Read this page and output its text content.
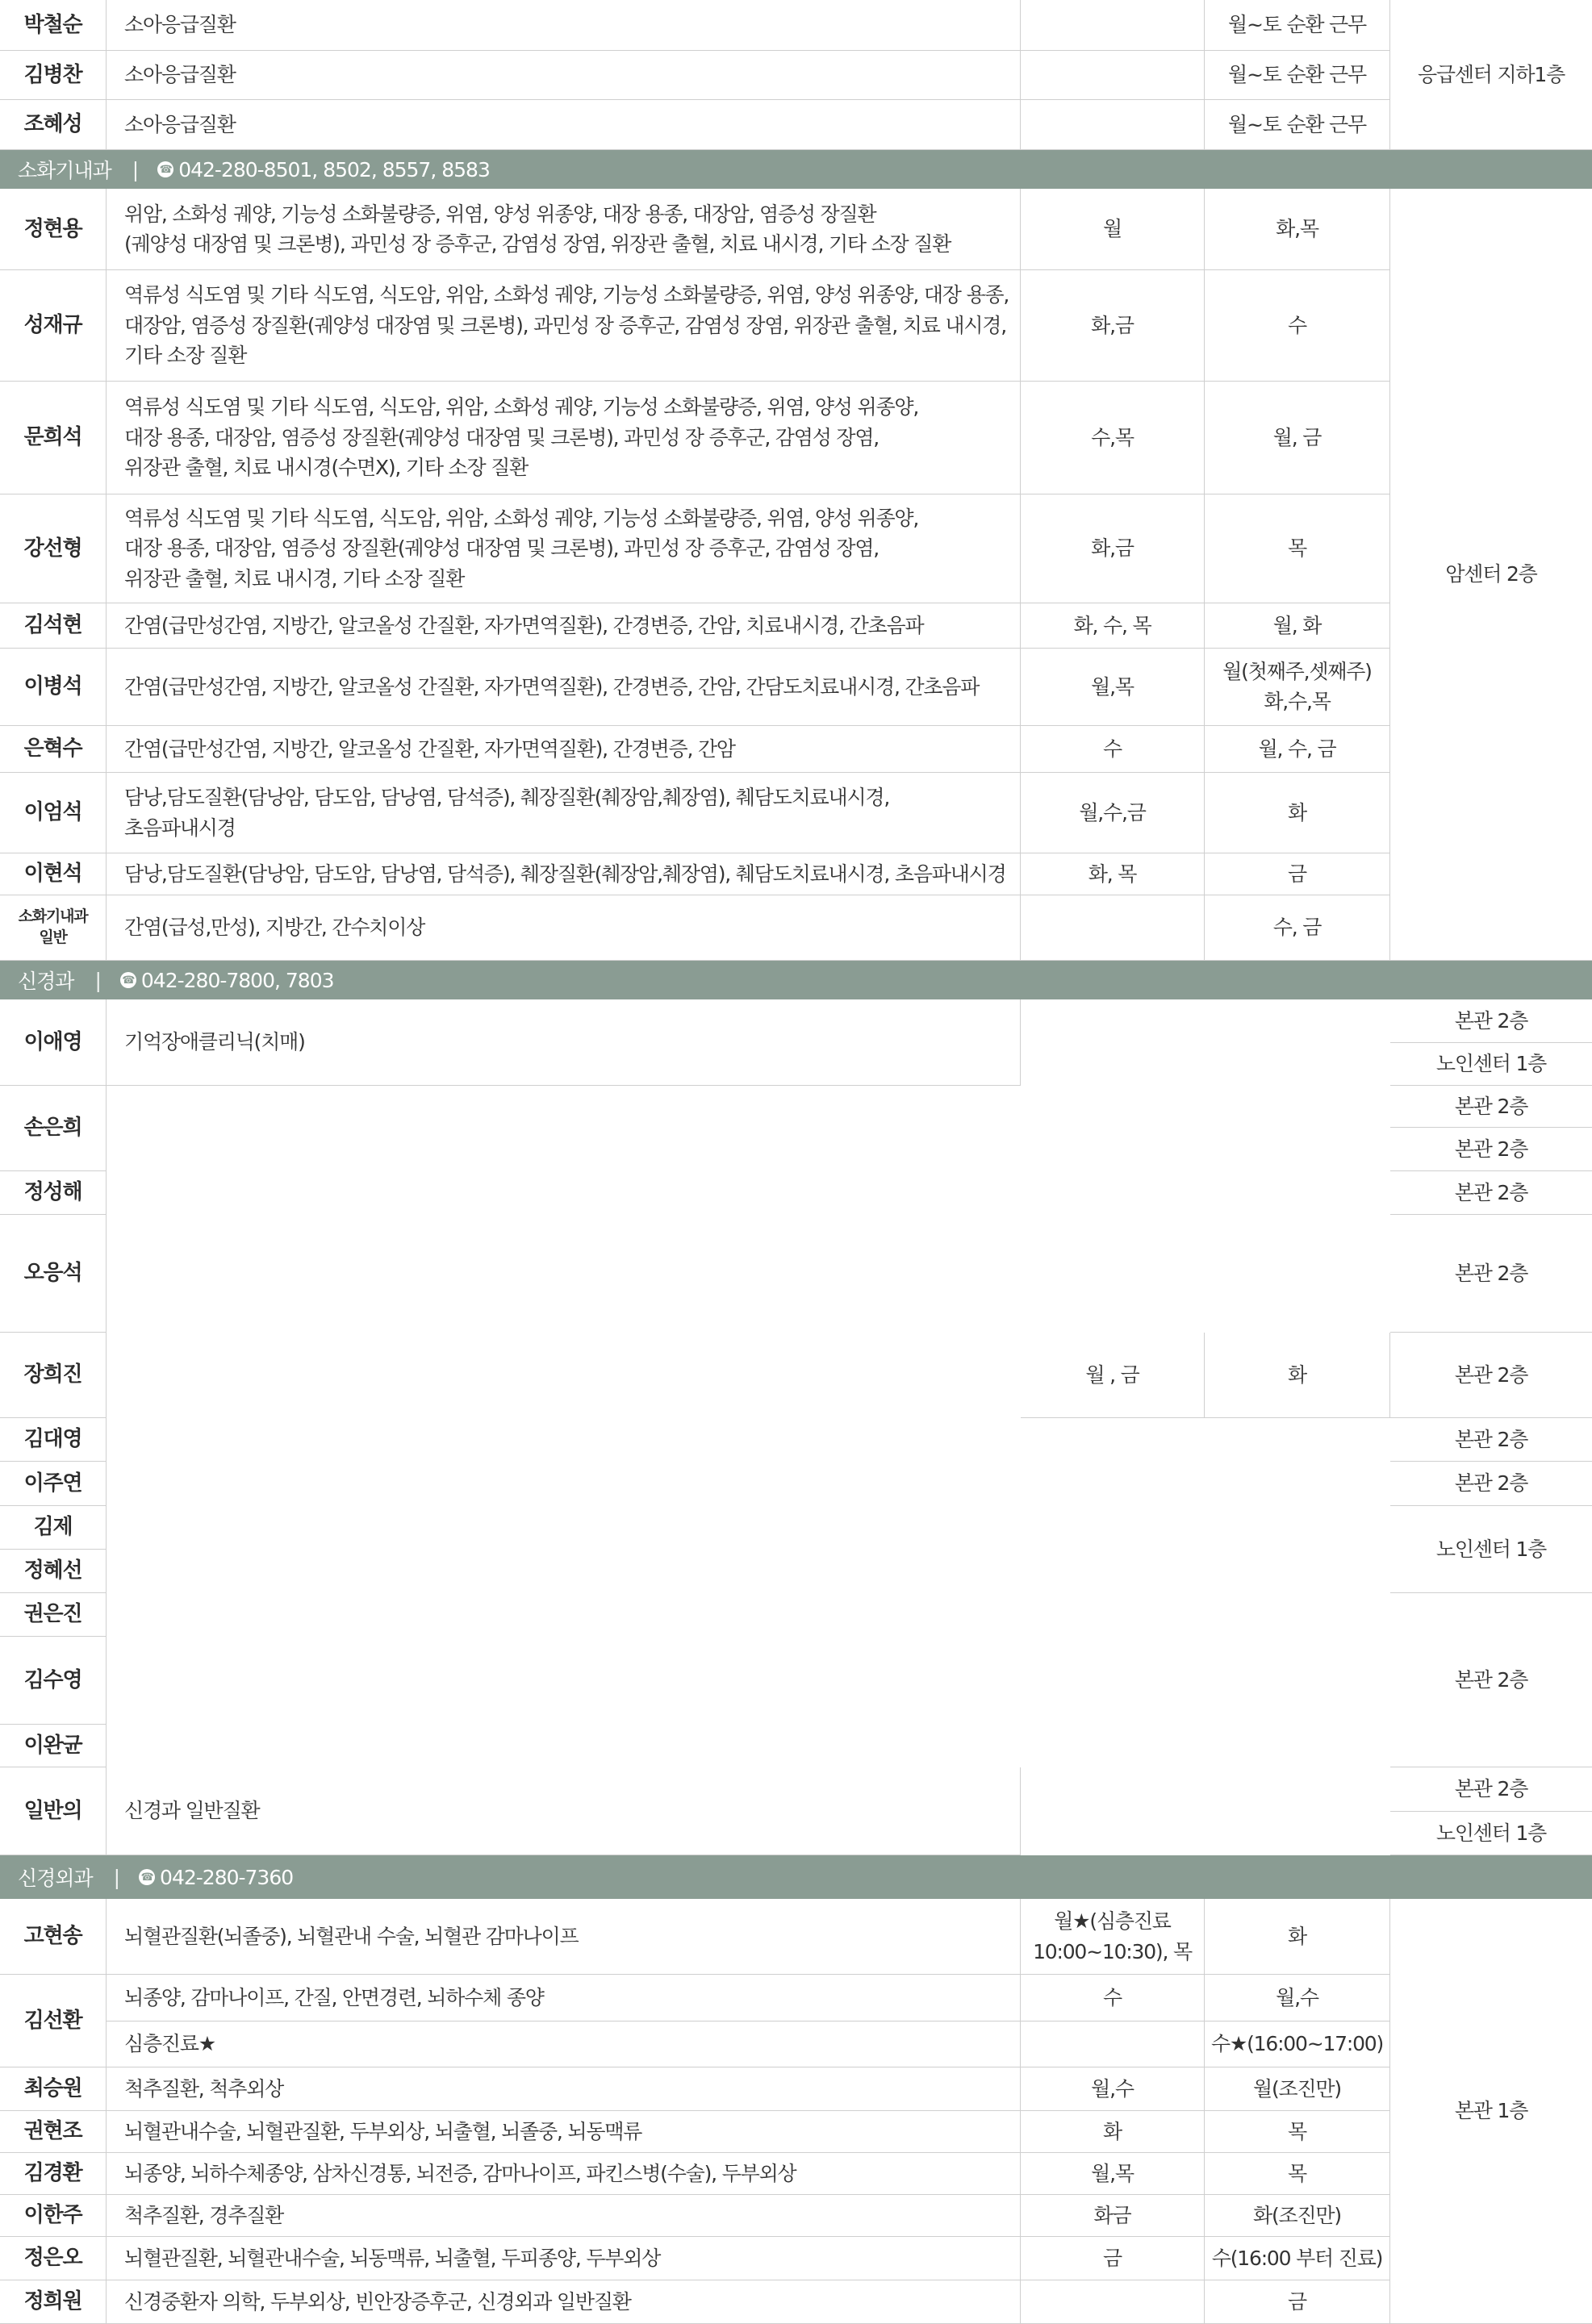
박철순
김병찬
조혜성
소아응급질환
소아응급질환
소아응급질환
월~토 순환 근무
월~토 순환 근무
월~토 순환 근무
응급센터 지하1층
소화기내과 | ☎ 042-280-8501, 8502, 8557, 8583
정현용
성재규
문희석
강선형
김석현
이병석
은혁수
이엄석
이현석
소화기내과
일반
위암, 소화성 궤양, 기능성 소화불량증, 위염, 양성 위종양, 대장 용종, 대장암, 염증성 장질환
(궤양성 대장염 및 크론병), 과민성 장 증후군, 감염성 장염, 위장관 출혈, 치료 내시경, 기타 소장 질환
역류성 식도염 및 기타 식도염, 식도암, 위암, 소화성 궤양, 기능성 소화불량증, 위염, 양성 위종양, 대장 용종,
대장암, 염증성 장질환(궤양성 대장염 및 크론병), 과민성 장 증후군, 감염성 장염, 위장관 출혈, 치료 내시경,
기타 소장 질환
역류성 식도염 및 기타 식도염, 식도암, 위암, 소화성 궤양, 기능성 소화불량증, 위염, 양성 위종양,
대장 용종, 대장암, 염증성 장질환(궤양성 대장염 및 크론병), 과민성 장 증후군, 감염성 장염,
위장관 출혈, 치료 내시경(수면X), 기타 소장 질환
역류성 식도염 및 기타 식도염, 식도암, 위암, 소화성 궤양, 기능성 소화불량증, 위염, 양성 위종양,
대장 용종, 대장암, 염증성 장질환(궤양성 대장염 및 크론병), 과민성 장 증후군, 감염성 장염,
위장관 출혈, 치료 내시경, 기타 소장 질환
간염(급만성간염, 지방간, 알코올성 간질환, 자가면역질환), 간경변증, 간암, 치료내시경, 간초음파
간염(급만성간염, 지방간, 알코올성 간질환, 자가면역질환), 간경변증, 간암, 간담도치료내시경, 간초음파
간염(급만성간염, 지방간, 알코올성 간질환, 자가면역질환), 간경변증, 간암
담낭,담도질환(담낭암, 담도암, 담낭염, 담석증), 췌장질환(췌장암,췌장염), 췌담도치료내시경,
초음파내시경
담낭,담도질환(담낭암, 담도암, 담낭염, 담석증), 췌장질환(췌장암,췌장염), 췌담도치료내시경, 초음파내시경
간염(급성,만성), 지방간, 간수치이상
월
화,금
수,목
화,금
화, 수, 목
월,목
수
월,수,금
화, 목
화,목
수
월, 금
목
월, 화
월(첫째주,셋째주)
화,수,목
월, 수, 금
화
금
수, 금
암센터 2층
신경과 | ☎ 042-280-7800, 7803
이애영
손은희
정성해
오응석
장희진
김대영
이주연
김제
정혜선
권은진
김수영
이완균
일반의
기억장애클리닉(치매)
신경과 일반질환
월 , 금	화
본관 2층
노인센터 1층
본관 2층
본관 2층
본관 2층
본관 2층
본관 2층
본관 2층
본관 2층
노인센터 1층
본관 2층
본관 2층
노인센터 1층
신경외과 | ☎ 042-280-7360
고현송
김선환
최승원
권현조
김경환
이한주
정은오
정희원
뇌혈관질환(뇌졸중), 뇌혈관내 수술, 뇌혈관 감마나이프
뇌종양, 감마나이프, 간질, 안면경련, 뇌하수체 종양
심층진료★
척추질환, 척추외상
뇌혈관내수술, 뇌혈관질환, 두부외상, 뇌출혈, 뇌졸중, 뇌동맥류
뇌종양, 뇌하수체종양, 삼차신경통, 뇌전증, 감마나이프, 파킨스병(수술), 두부외상
척추질환, 경추질환
뇌혈관질환, 뇌혈관내수술, 뇌동맥류, 뇌출혈, 두피종양, 두부외상
신경중환자 의학, 두부외상, 빈안장증후군, 신경외과 일반질환
월★(심층진료
10:00~10:30), 목
수
월,수
화
월,목
화금
금
화
월,수
수★(16:00~17:00)
월(조진만)
목
목
화(조진만)
수(16:00 부터 진료)
금
본관 1층
